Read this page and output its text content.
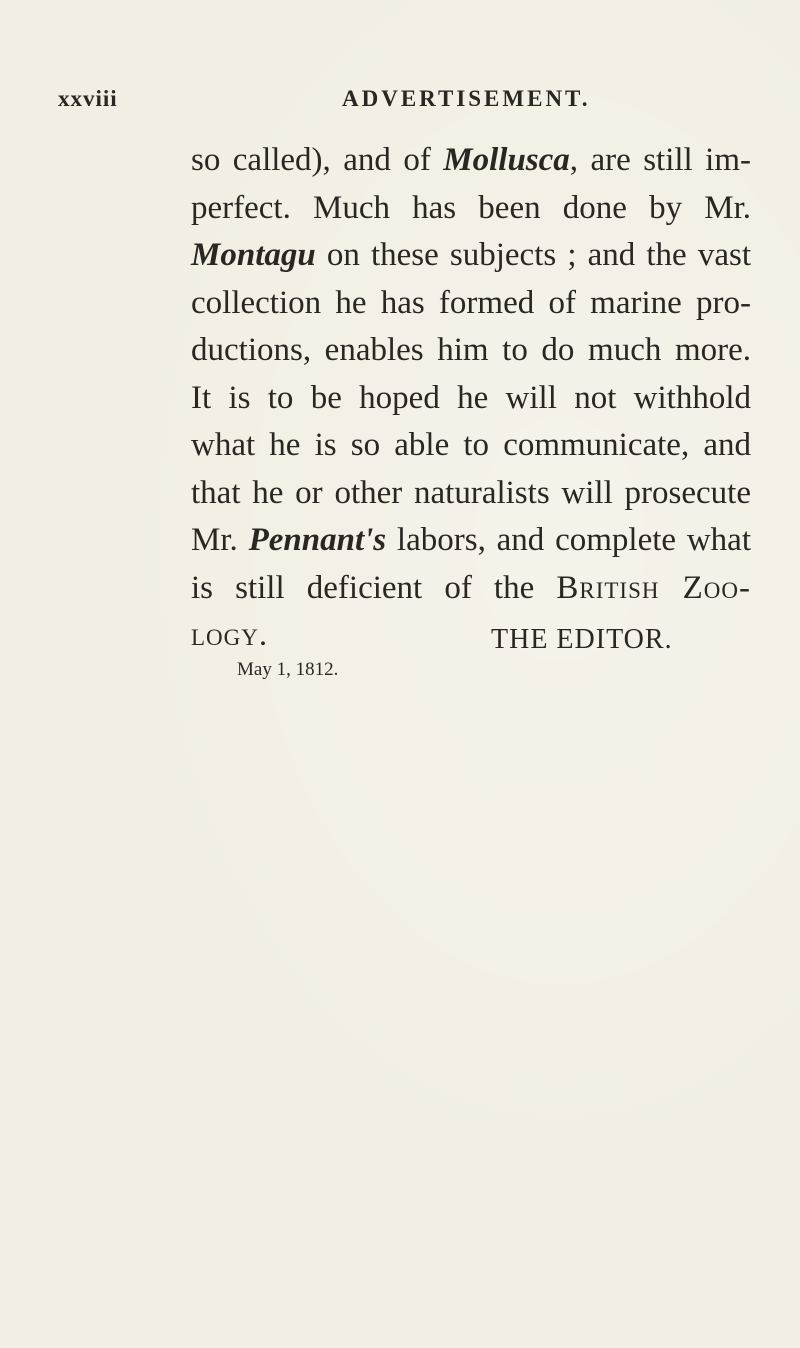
xxviii	ADVERTISEMENT.
so called), and of Mollusca, are still im-
perfect. Much has been done by Mr.
Montagu on these subjects ; and the vast
collection he has formed of marine pro-
ductions, enables him to do much more.
It is to be hoped he will not withhold
what he is so able to communicate, and
that he or other naturalists will prosecute
Mr. Pennant's labors, and complete what
is still deficient of the British Zoo-
logy.	THE EDITOR.
May 1, 1812.
